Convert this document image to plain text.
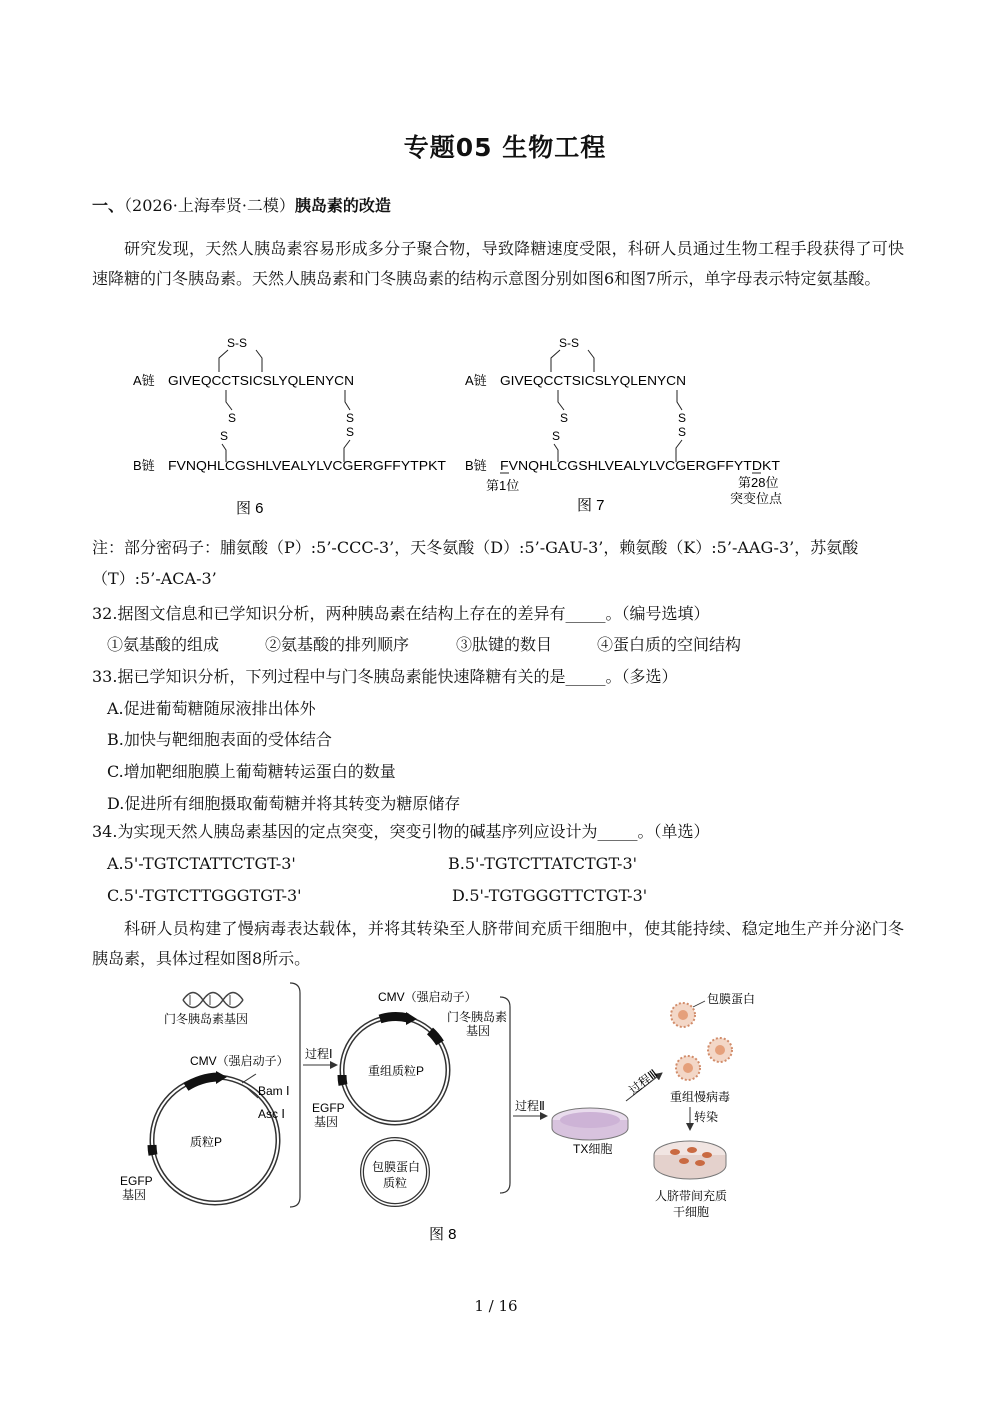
专题05 生物工程
一、（2026·上海奉贤·二模）胰岛素的改造
研究发现，天然人胰岛素容易形成多分子聚合物，导致降糖速度受限，科研人员通过生物工程手段获得了可快速降糖的门冬胰岛素。天然人胰岛素和门冬胰岛素的结构示意图分别如图6和图7所示，单字母表示特定氨基酸。
A链 GIVEQCCTSICSLYQLENYCN
S-S
S
S
S
S
B链 FVNQHLCGSHLVEALYLVCGERGFFYTPKT
图 6
A链 GIVEQCCTSICSLYQLENYCN
S-S
S
S
S
S
B链 FVNQHLCGSHLVEALYLVCGERGFFYTDKT
第1位	第28位
突变位点
图 7
注：部分密码子：脯氨酸（P）:5’-CCC-3’，天冬氨酸（D）:5’-GAU-3’，赖氨酸（K）:5’-AAG-3’，苏氨酸
（T）:5’-ACA-3’
32.据图文信息和已学知识分析，两种胰岛素在结构上存在的差异有_____。（编号选填）
①氨基酸的组成	②氨基酸的排列顺序	③肽键的数目	④蛋白质的空间结构
33.据已学知识分析，下列过程中与门冬胰岛素能快速降糖有关的是_____。（多选）
A.促进葡萄糖随尿液排出体外
B.加快与靶细胞表面的受体结合
C.增加靶细胞膜上葡萄糖转运蛋白的数量
D.促进所有细胞摄取葡萄糖并将其转变为糖原储存
34.为实现天然人胰岛素基因的定点突变，突变引物的碱基序列应设计为_____。（单选）
A.5'-TGTCTATTCTGT-3'	B.5'-TGTCTTATCTGT-3'
C.5'-TGTCTTGGGTGT-3'	D.5'-TGTGGGTTCTGT-3'
科研人员构建了慢病毒表达载体，并将其转染至人脐带间充质干细胞中，使其能持续、稳定地生产并分泌门冬胰岛素，具体过程如图8所示。
门冬胰岛素基因
CMV（强启动子）
Bam Ⅰ
Asc Ⅰ
质粒P
EGFP
基因
过程Ⅰ
CMV（强启动子）
门冬胰岛素
基因
重组质粒P
EGFP
基因
包膜蛋白
质粒
过程Ⅱ
TX细胞
过程Ⅲ
包膜蛋白
重组慢病毒
转染
人脐带间充质
干细胞
图 8
1 / 16
